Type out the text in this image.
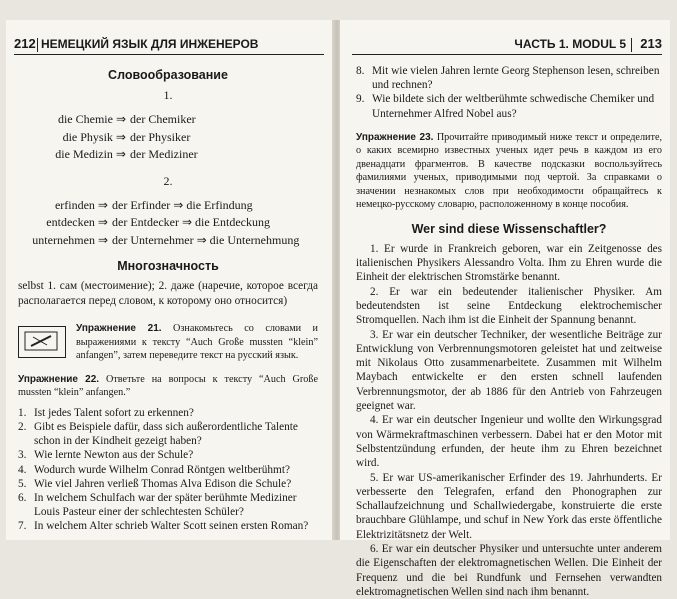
212 НЕМЕЦКИЙ ЯЗЫК ДЛЯ ИНЖЕНЕРОВ	ЧАСТЬ 1. MODUL 5 213
Словообразование
1.
die Chemie ⇒ der Chemiker
die Physik ⇒ der Physiker
die Medizin ⇒ der Mediziner
2.
erfinden ⇒ der Erfinder ⇒ die Erfindung
entdecken ⇒ der Entdecker ⇒ die Entdeckung
unternehmen ⇒ der Unternehmer ⇒ die Unternehmung
Многозначность

selbst 1. сам (местоимение); 2. даже (наречие, которое всегда располагается перед словом, к которому оно относится)

Упражнение 21. Ознакомьтесь со словами и выражениями к тексту “Auch Große mussten “klein” anfangen”, затем переведите текст на русский язык.
Упражнение 22. Ответьте на вопросы к тексту “Auch Große mussten “klein” anfangen.”
1. Ist jedes Talent sofort zu erkennen?
2. Gibt es Beispiele dafür, dass sich außerordentliche Talente schon in der Kindheit gezeigt haben?
3. Wie lernte Newton aus der Schule?
4. Wodurch wurde Wilhelm Conrad Röntgen weltberühmt?
5. Wie viel Jahren verließ Thomas Alva Edison die Schule?
6. In welchem Schulfach war der später berühmte Mediziner Louis Pasteur einer der schlechtesten Schüler?
7. In welchem Alter schrieb Walter Scott seinen ersten Roman?
8. Mit wie vielen Jahren lernte Georg Stephenson lesen, schreiben und rechnen?
9. Wie bildete sich der weltberühmte schwedische Chemiker und Unternehmer Alfred Nobel aus?
Упражнение 23. Прочитайте приводимый ниже текст и определите, о каких всемирно известных ученых идет речь в каждом из его двенадцати фрагментов. В качестве подсказки воспользуйтесь фамилиями ученых, приводимыми под чертой. За справками о значении незнакомых слов при необходимости обращайтесь к немецко-русскому словарю, расположенному в конце пособия.
Wer sind diese Wissenschaftler?

1. Er wurde in Frankreich geboren, war ein Zeitgenosse des italienischen Physikers Alessandro Volta. Ihm zu Ehren wurde die Einheit der elektrischen Stromstärke benannt.

2. Er war ein bedeutender italienischer Physiker. Am bedeutendsten ist seine Entdeckung elektrochemischer Stromquellen. Nach ihm ist die Einheit der Spannung benannt.

3. Er war ein deutscher Techniker, der wesentliche Beiträge zur Entwicklung von Verbrennungsmotoren geleistet hat und zeitweise mit Nikolaus Otto zusammenarbeitete. Zusammen mit Wilhelm Maybach entwickelte er den ersten schnell laufenden Verbrennungsmotor, der ab 1886 für den Antrieb von Fahrzeugen geeignet war.

4. Er war ein deutscher Ingenieur und wollte den Wirkungsgrad von Wärmekraftmaschinen verbessern. Dabei hat er den Motor mit Selbstentzündung erfunden, der heute ihm zu Ehren bezeichnet wird.

5. Er war US-amerikanischer Erfinder des 19. Jahrhunderts. Er verbesserte den Telegrafen, erfand den Phonographen zur Schallaufzeichnung und Schallwiedergabe, konstruierte die erste brauchbare Glühlampe, und schuf in New York das erste öffentliche Elektrizitätsnetz der Welt.

6. Er war ein deutscher Physiker und untersuchte unter anderem die Eigenschaften der elektromagnetischen Wellen. Die Einheit der Frequenz und die bei Rundfunk und Fernsehen verwandten elektromagnetischen Wellen sind nach ihm benannt.
